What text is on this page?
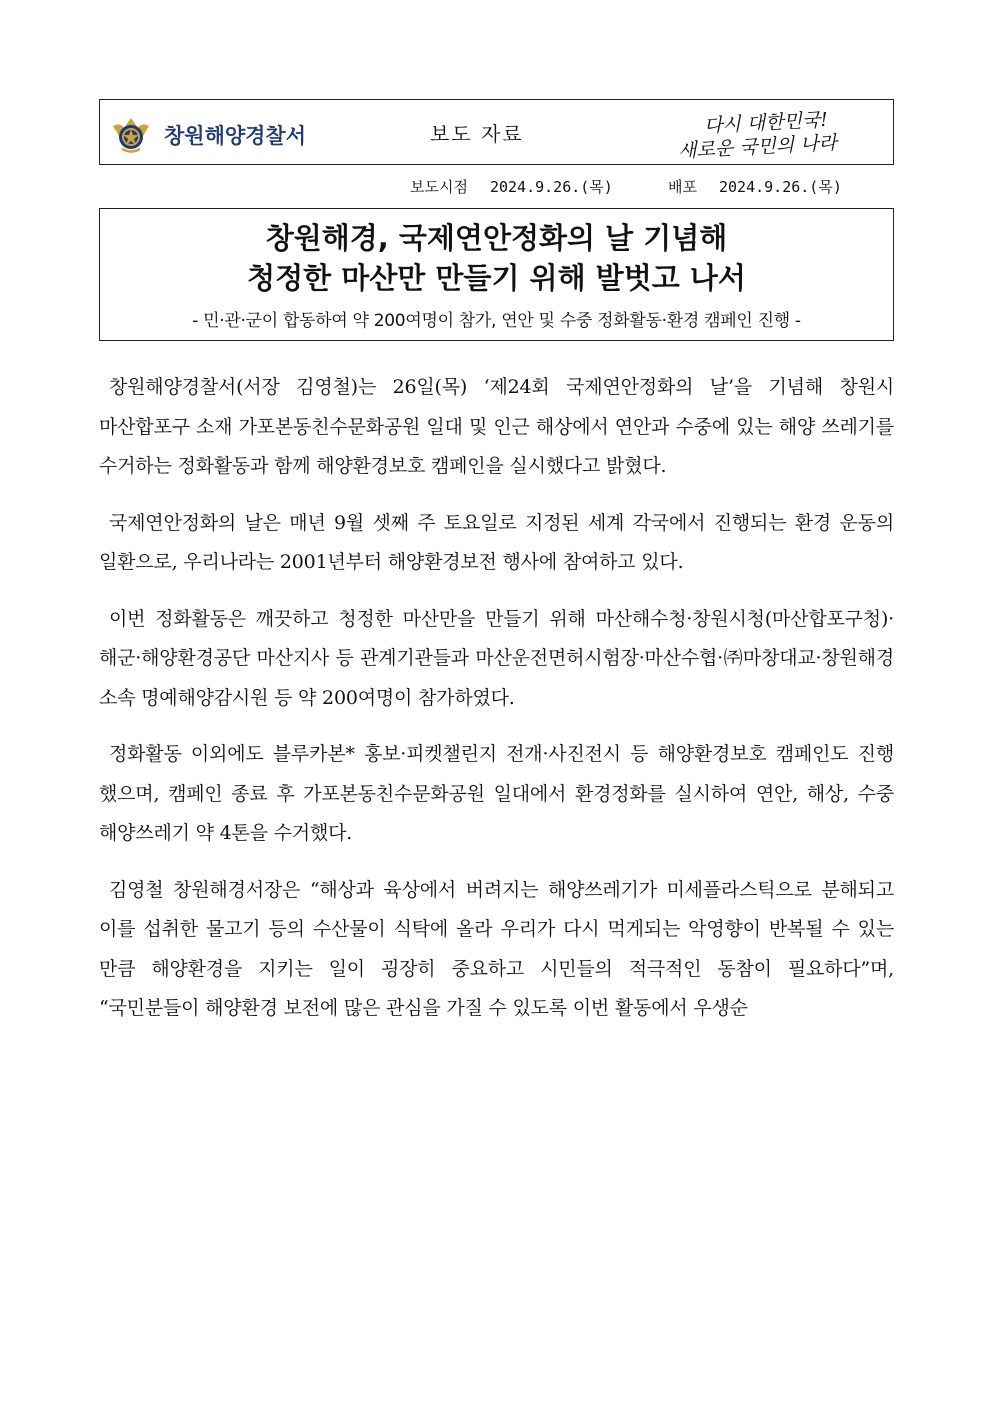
창원해양경찰서	보도 자료	다시 대한민국!
새로운 국민의 나라
보도시점 2024.9.26.(목)	배포 2024.9.26.(목)
창원해경, 국제연안정화의 날 기념해
청정한 마산만 만들기 위해 발벗고 나서
- 민·관·군이 합동하여 약 200여명이 참가, 연안 및 수중 정화활동·환경 캠페인 진행 -

창원해양경찰서(서장 김영철)는 26일(목) ‘제24회 국제연안정화의 날’을 기념해 창원시 마산합포구 소재 가포본동친수문화공원 일대 및 인근 해상에서 연안과 수중에 있는 해양 쓰레기를 수거하는 정화활동과 함께 해양환경보호 캠페인을 실시했다고 밝혔다.

국제연안정화의 날은 매년 9월 셋째 주 토요일로 지정된 세계 각국에서 진행되는 환경 운동의 일환으로, 우리나라는 2001년부터 해양환경보전 행사에 참여하고 있다.

이번 정화활동은 깨끗하고 청정한 마산만을 만들기 위해 마산해수청·창원시청(마산합포구청)·해군·해양환경공단 마산지사 등 관계기관들과 마산운전면허시험장·마산수협·㈜마창대교·창원해경 소속 명예해양감시원 등 약 200여명이 참가하였다.

정화활동 이외에도 블루카본* 홍보·피켓챌린지 전개·사진전시 등 해양환경보호 캠페인도 진행 했으며, 캠페인 종료 후 가포본동친수문화공원 일대에서 환경정화를 실시하여 연안, 해상, 수중 해양쓰레기 약 4톤을 수거했다.

김영철 창원해경서장은 “해상과 육상에서 버려지는 해양쓰레기가 미세플라스틱으로 분해되고 이를 섭취한 물고기 등의 수산물이 식탁에 올라 우리가 다시 먹게되는 악영향이 반복될 수 있는 만큼 해양환경을 지키는 일이 굉장히 중요하고 시민들의 적극적인 동참이 필요하다”며, “국민분들이 해양환경 보전에 많은 관심을 가질 수 있도록 이번 활동에서 우생순
